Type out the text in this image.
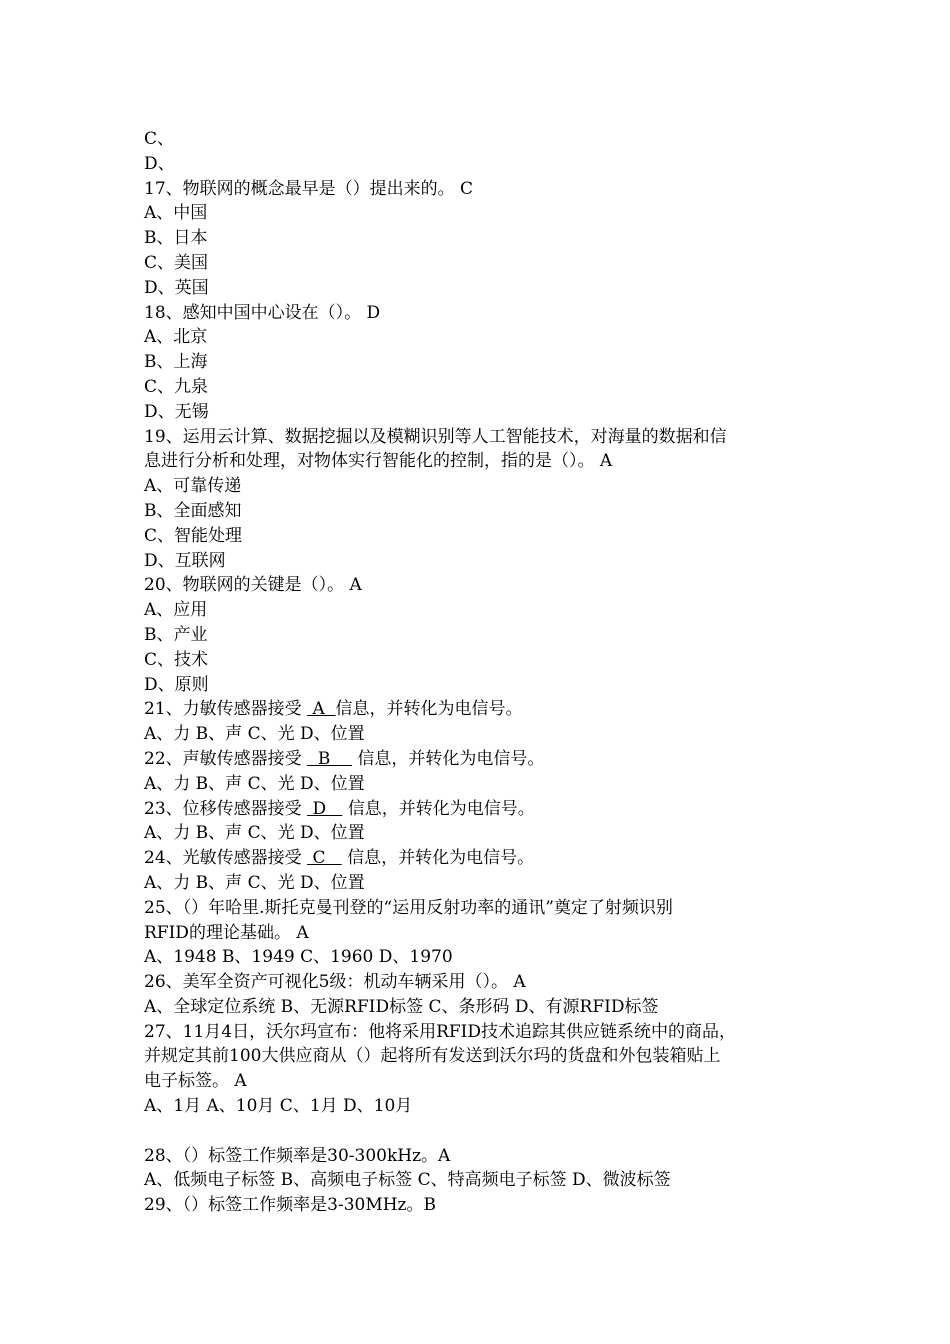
C、
D、
17、物联网的概念最早是（）提出来的。 C
A、中国
B、日本
C、美国
D、英国
18、感知中国中心设在（）。 D
A、北京
B、上海
C、九泉
D、无锡
19、运用云计算、数据挖掘以及模糊识别等人工智能技术，对海量的数据和信
息进行分析和处理，对物体实行智能化的控制，指的是（）。 A
A、可靠传递
B、全面感知
C、智能处理
D、互联网
20、物联网的关键是（）。 A
A、应用
B、产业
C、技术
D、原则
21、力敏传感器接受  A  信息，并转化为电信号。
A、力 B、声 C、光 D、位置
22、声敏传感器接受   B     信息，并转化为电信号。
A、力 B、声 C、光 D、位置
23、位移传感器接受  D    信息，并转化为电信号。
A、力 B、声 C、光 D、位置
24、光敏传感器接受  C    信息，并转化为电信号。
A、力 B、声 C、光 D、位置
25、（）年哈里.斯托克曼刊登的“运用反射功率的通讯”奠定了射频识别
RFID的理论基础。 A
A、1948 B、1949 C、1960 D、1970
26、美军全资产可视化5级：机动车辆采用（）。 A
A、全球定位系统 B、无源RFID标签 C、条形码 D、有源RFID标签
27、11月4日，沃尔玛宣布：他将采用RFID技术追踪其供应链系统中的商品，
并规定其前100大供应商从（）起将所有发送到沃尔玛的货盘和外包装箱贴上
电子标签。 A
A、1月 A、10月 C、1月 D、10月
28、（）标签工作频率是30-300kHz。A
A、低频电子标签 B、高频电子标签 C、特高频电子标签 D、微波标签
29、（）标签工作频率是3-30MHz。B
